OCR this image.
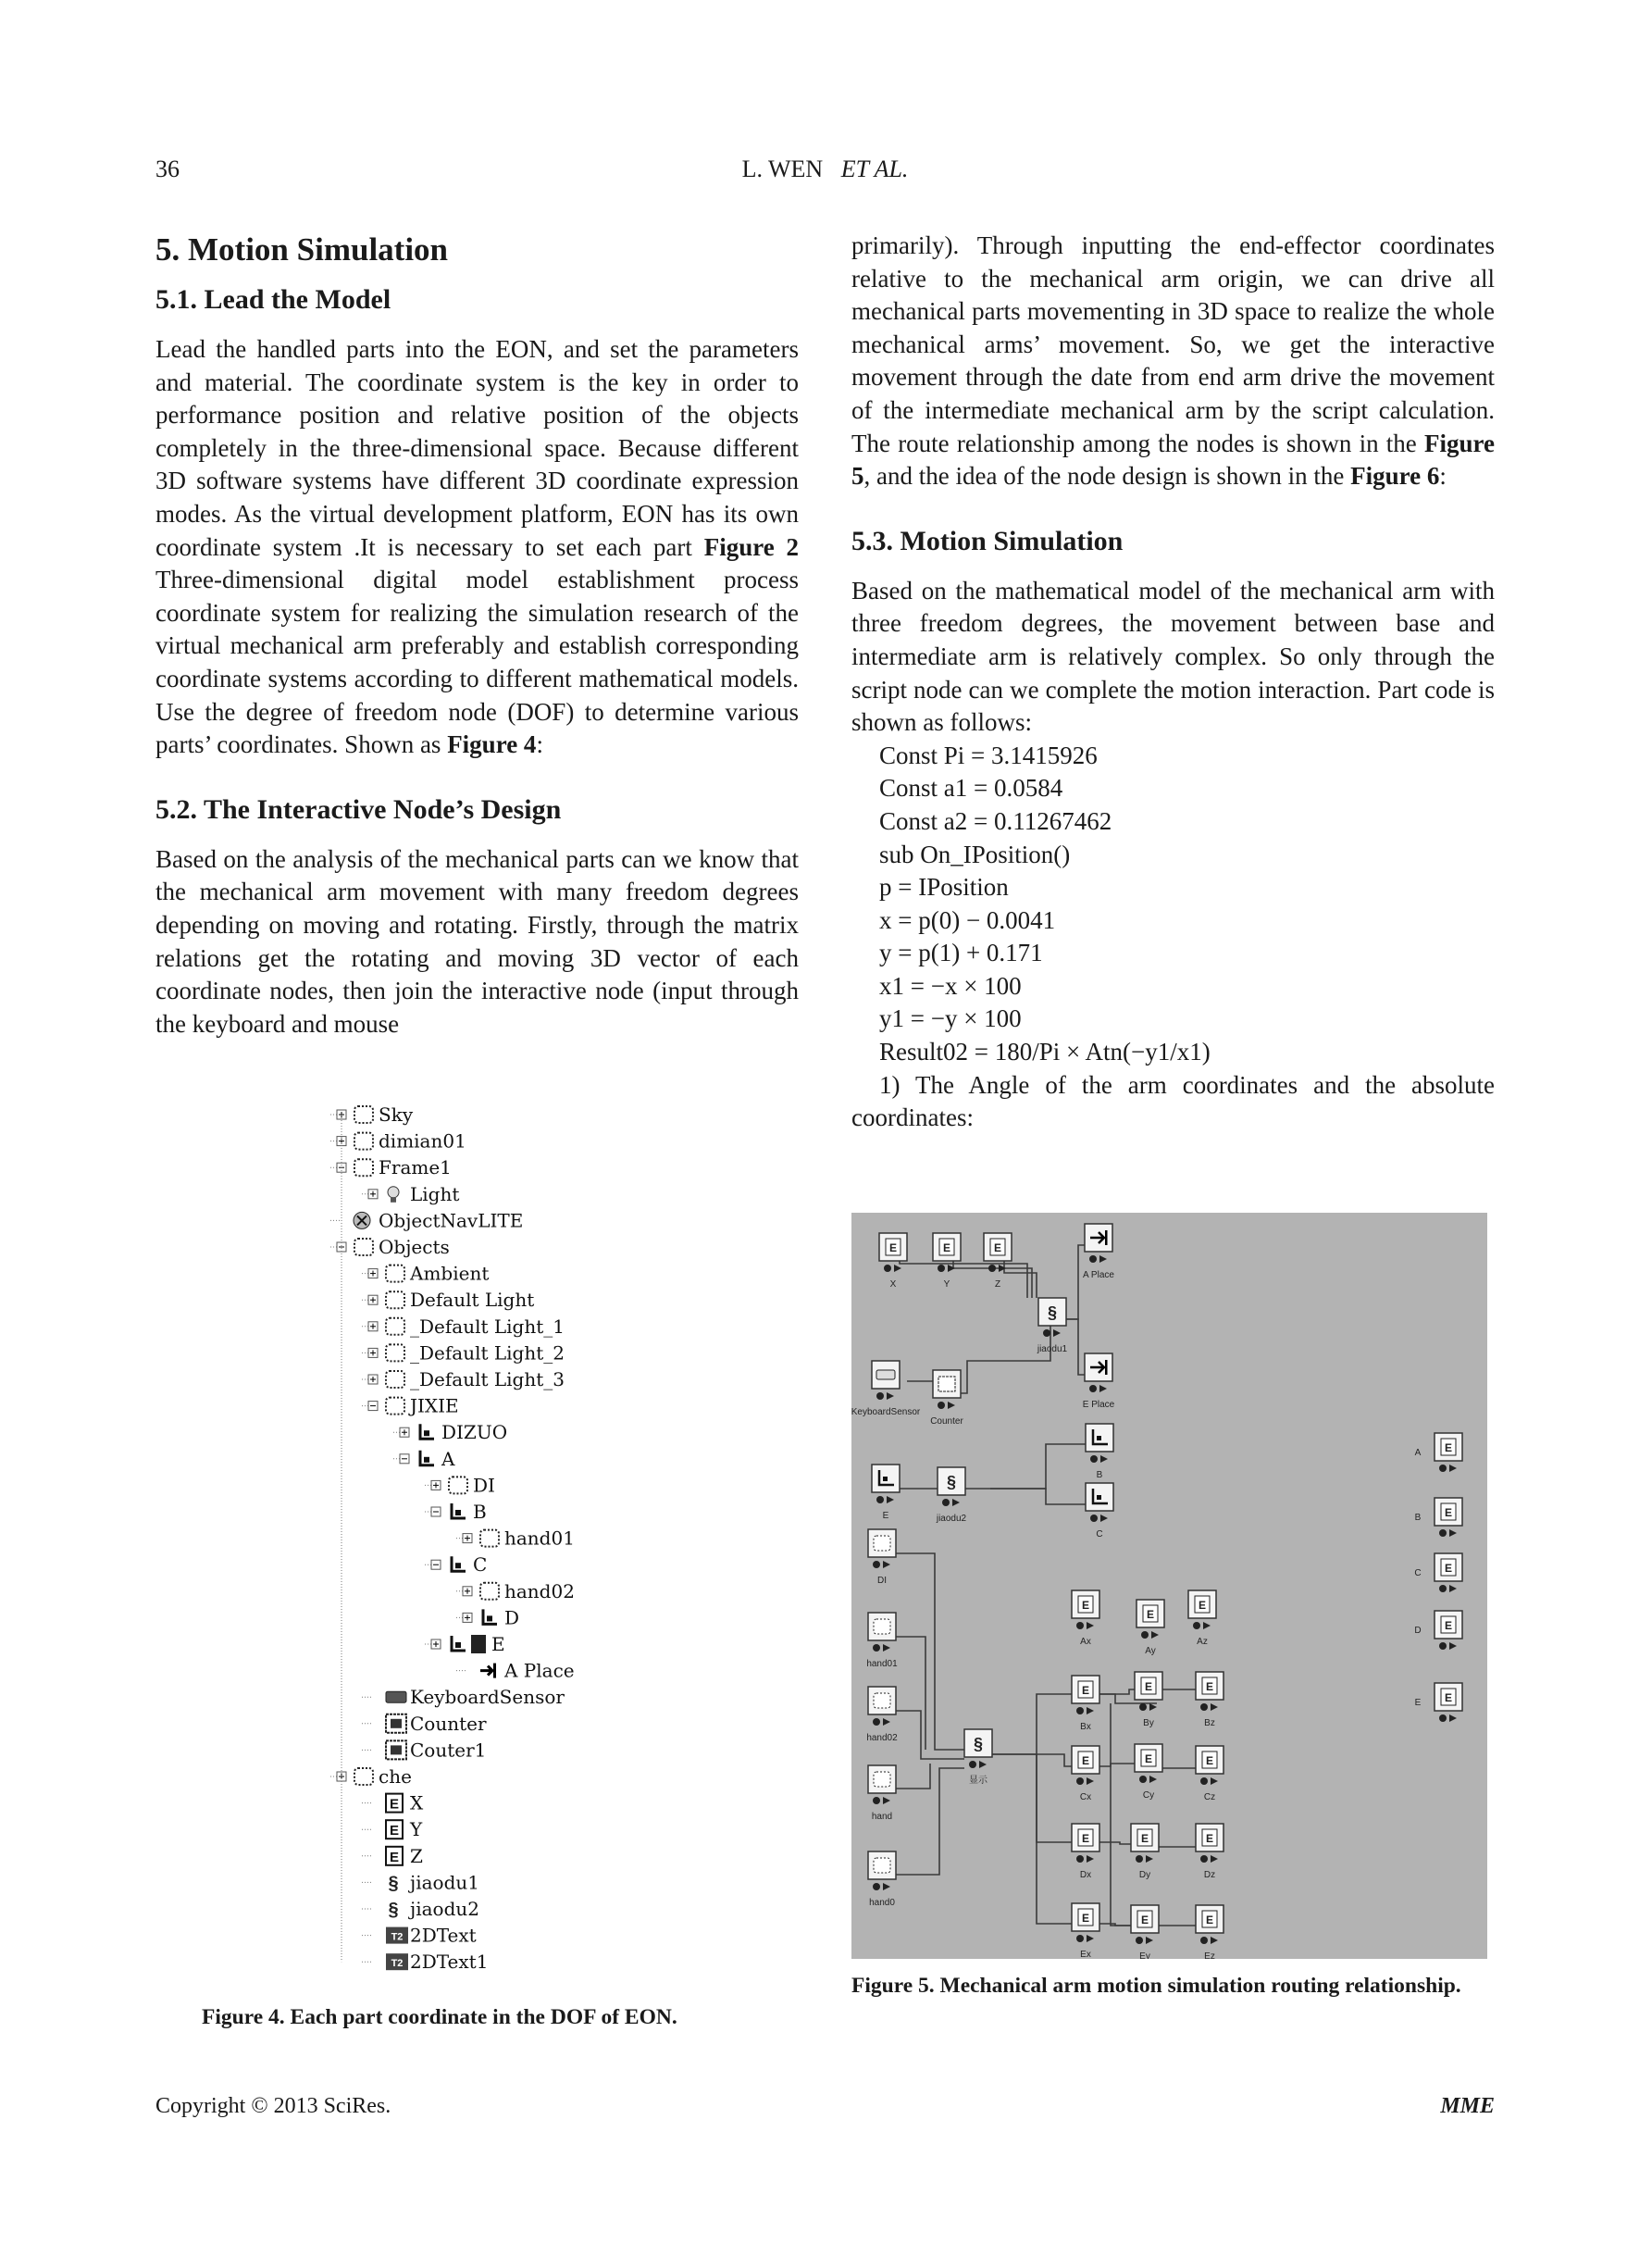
36	L. WEN ET AL.
5. Motion Simulation
5.1. Lead the Model

Lead the handled parts into the EON, and set the parameters and material. The coordinate system is the key in order to performance position and relative position of the objects completely in the three-dimensional space. Because different 3D software systems have different 3D coordinate expression modes. As the virtual development platform, EON has its own coordinate system .It is necessary to set each part Figure 2 Three-dimensional digital model establishment process coordinate system for realizing the simulation research of the virtual mechanical arm preferably and establish corresponding coordinate systems according to different mathematical models. Use the degree of freedom node (DOF) to determine various parts’ coordinates. Shown as Figure 4:

5.2. The Interactive Node’s Design

Based on the analysis of the mechanical parts can we know that the mechanical arm movement with many freedom degrees depending on moving and rotating. Firstly, through the matrix relations get the rotating and moving 3D vector of each coordinate nodes, then join the interactive node (input through the keyboard and mouse

primarily). Through inputting the end-effector coordinates relative to the mechanical arm origin, we can drive all mechanical parts movementing in 3D space to realize the whole mechanical arms’ movement. So, we get the interactive movement through the date from end arm drive the movement of the intermediate mechanical arm by the script calculation. The route relationship among the nodes is shown in the Figure 5, and the idea of the node design is shown in the Figure 6:

5.3. Motion Simulation

Based on the mathematical model of the mechanical arm with three freedom degrees, the movement between base and intermediate arm is relatively complex. So only through the script node can we complete the motion interaction. Part code is shown as follows:

Const Pi = 3.1415926
Const a1 = 0.0584
Const a2 = 0.11267462
sub On_IPosition()
p = IPosition
x = p(0) − 0.0041
y = p(1) + 0.171
x1 = −x × 100
y1 = −y × 100
Result02 = 180/Pi × Atn(−y1/x1)

1) The Angle of the arm coordinates and the absolute coordinates:

Sky
dimian01
Frame1
Light
ObjectNavLITE
Objects
Ambient
Default Light
_Default Light_1
_Default Light_2
_Default Light_3
JIXIE
DIZUO
A
DI
B
hand01
C
hand02
D
E
A Place
KeyboardSensor
Counter
Couter1
che
E X
E Y
E Z
§ jiaodu1
§ jiaodu2
T2 2DText
T2 2DText1
Figure 4. Each part coordinate in the DOF of EON.
E
X
E
Y
E
Z
A Place
§
jiaodu1
E Place
KeyboardSensor
Counter
B
E
§
jiaodu2
C
DI
hand01
hand02
hand
hand0
§
显示
E
Ax
E
Ay
E
Az
E
Bx
E
By
E
Bz
E
Cx
E
Cy
E
Cz
E
Dx
E
Dy
E
Dz
E
Ex
E
Ey
E
Ez
E
A
E
B
E
C
E
D
E
E
Figure 5. Mechanical arm motion simulation routing relationship.
Copyright © 2013 SciRes.	MME
